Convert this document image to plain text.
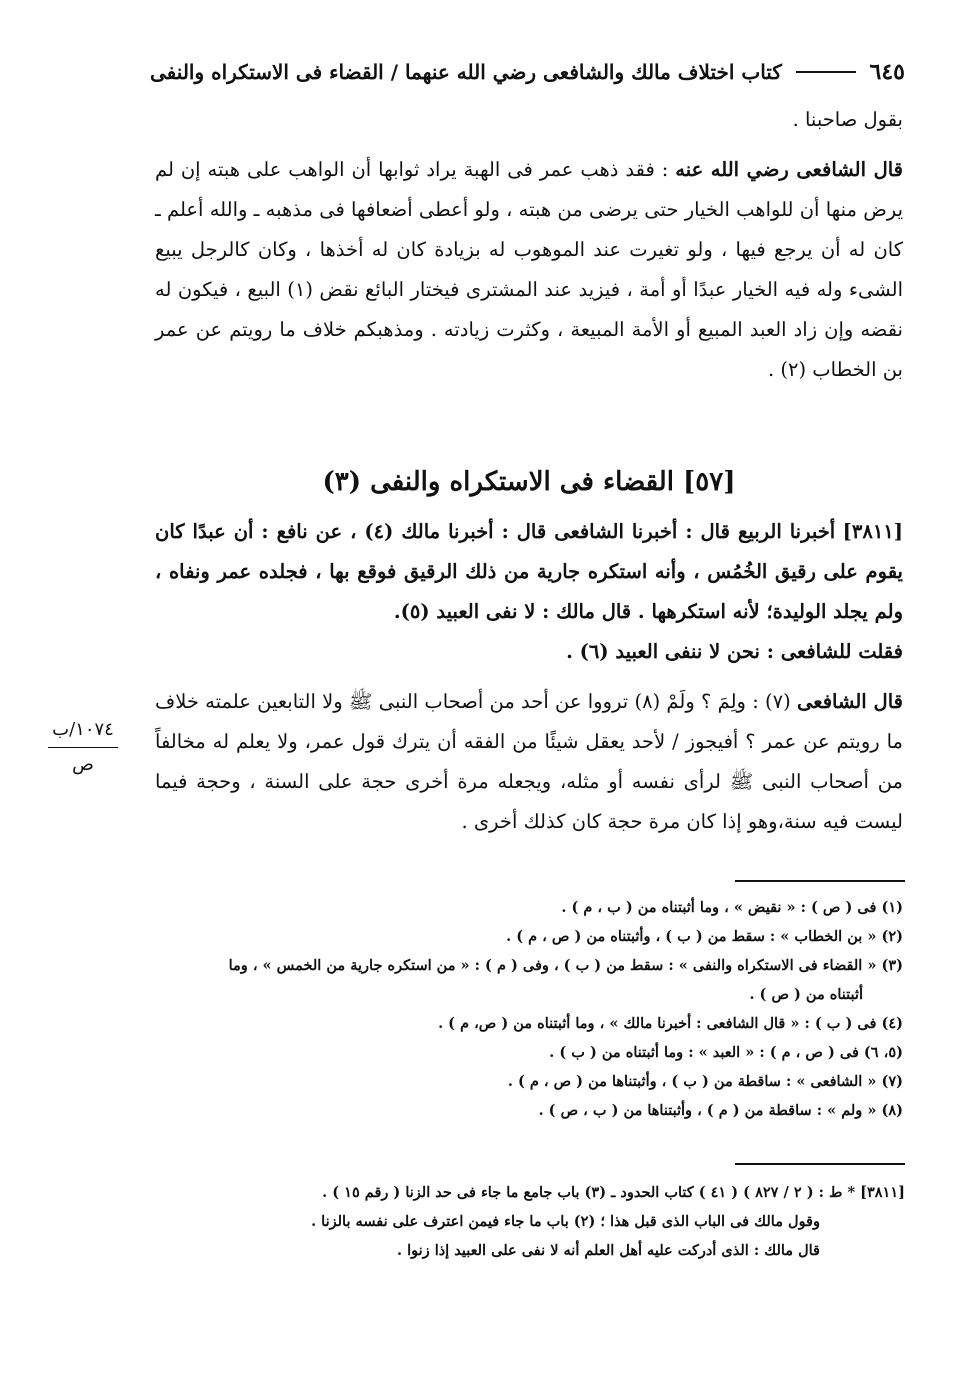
كتاب اختلاف مالك والشافعى رضي الله عنهما / القضاء فى الاستكراه والنفى	٦٤٥

بقول صاحبنا .

قال الشافعى رضي الله عنه : فقد ذهب عمر فى الهبة يراد ثوابها أن الواهب على هبته إن لم يرض منها أن للواهب الخيار حتى يرضى من هبته ، ولو أعطى أضعافها فى مذهبه ـ والله أعلم ـ كان له أن يرجع فيها ، ولو تغيرت عند الموهوب له بزيادة كان له أخذها ، وكان كالرجل يبيع الشىء وله فيه الخيار عبدًا أو أمة ، فيزيد عند المشترى فيختار البائع نقض (١) البيع ، فيكون له نقضه وإن زاد العبد المبيع أو الأمة المبيعة ، وكثرت زيادته . ومذهبكم خلاف ما رويتم عن عمر بن الخطاب (٢) .

[٥٧] القضاء فى الاستكراه والنفى (٣)

[٣٨١١] أخبرنا الربيع قال : أخبرنا الشافعى قال : أخبرنا مالك (٤) ، عن نافع : أن عبدًا كان يقوم على رقيق الخُمُس ، وأنه استكره جارية من ذلك الرقيق فوقع بها ، فجلده عمر ونفاه ، ولم يجلد الوليدة؛ لأنه استكرهها . قال مالك : لا نفى العبيد (٥).

فقلت للشافعى : نحن لا ننفى العبيد (٦) .

قال الشافعى (٧) : ولِمَ ؟ ولَمْ (٨) ترووا عن أحد من أصحاب النبى ﷺ ولا التابعين علمته خلاف ما رويتم عن عمر ؟ أفيجوز / لأحد يعقل شيئًا من الفقه أن يترك قول عمر، ولا يعلم له مخالفاً من أصحاب النبى ﷺ لرأى نفسه أو مثله، ويجعله مرة أخرى حجة على السنة ، وحجة فيما ليست فيه سنة،وهو إذا كان مرة حجة كان كذلك أخرى .

١٠٧٤/ب
ص

(١) فى ( ص ) : « نقيض » ، وما أثبتناه من ( ب ، م ) .

(٢) « بن الخطاب » : سقط من ( ب ) ، وأثبتناه من ( ص ، م ) .

(٣) « القضاء فى الاستكراه والنفى » : سقط من ( ب ) ، وفى ( م ) : « من استكره جارية من الخمس » ، وما

أثبتناه من ( ص ) .

(٤) فى ( ب ) : « قال الشافعى : أخبرنا مالك » ، وما أثبتناه من ( ص، م ) .

(٥، ٦) فى ( ص ، م ) : « العبد » : وما أثبتناه من ( ب ) .

(٧) « الشافعى » : ساقطة من ( ب ) ، وأثبتناها من ( ص ، م ) .

(٨) « ولم » : ساقطة من ( م ) ، وأثبتناها من ( ب ، ص ) .

[٣٨١١] * ط : ( ٢ / ٨٢٧ ) ( ٤١ ) كتاب الحدود ـ (٣) باب جامع ما جاء فى حد الزنا ( رقم ١٥ ) .

وقول مالك فى الباب الذى قبل هذا ؛ (٢) باب ما جاء فيمن اعترف على نفسه بالزنا .

قال مالك : الذى أدركت عليه أهل العلم أنه لا نفى على العبيد إذا زنوا .
